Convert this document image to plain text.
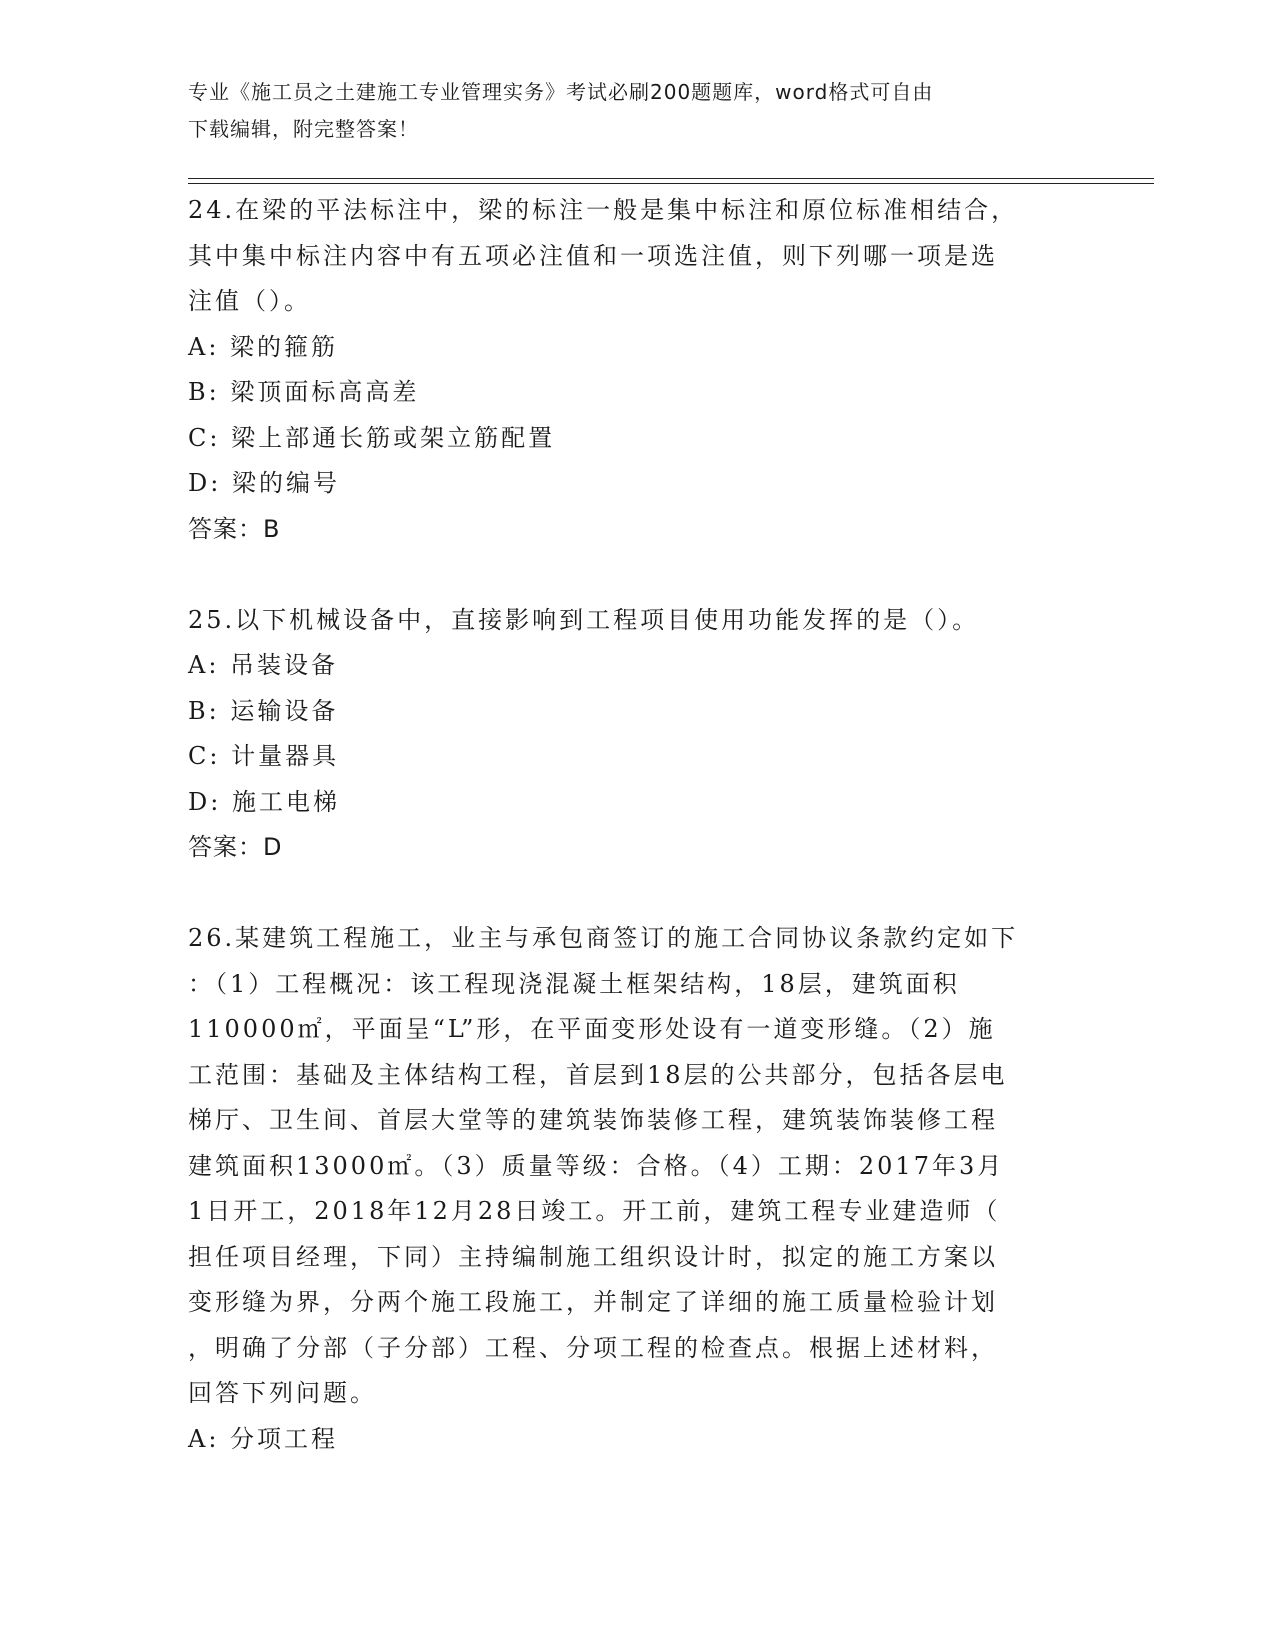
专业《施工员之土建施工专业管理实务》考试必刷200题题库，word格式可自由
下载编辑，附完整答案！

24.在梁的平法标注中，梁的标注一般是集中标注和原位标准相结合，

其中集中标注内容中有五项必注值和一项选注值，则下列哪一项是选

注值（）。

A: 梁的箍筋

B: 梁顶面标高高差

C: 梁上部通长筋或架立筋配置

D: 梁的编号

答案：B

25.以下机械设备中，直接影响到工程项目使用功能发挥的是（）。

A: 吊装设备

B: 运输设备

C: 计量器具

D: 施工电梯

答案：D

26.某建筑工程施工，业主与承包商签订的施工合同协议条款约定如下

：（1）工程概况：该工程现浇混凝土框架结构，18层，建筑面积

110000㎡，平面呈“L”形，在平面变形处设有一道变形缝。（2）施

工范围：基础及主体结构工程，首层到18层的公共部分，包括各层电

梯厅、卫生间、首层大堂等的建筑装饰装修工程，建筑装饰装修工程

建筑面积13000㎡。（3）质量等级：合格。（4）工期：2017年3月

1日开工，2018年12月28日竣工。开工前，建筑工程专业建造师（

担任项目经理，下同）主持编制施工组织设计时，拟定的施工方案以

变形缝为界，分两个施工段施工，并制定了详细的施工质量检验计划

，明确了分部（子分部）工程、分项工程的检查点。根据上述材料，

回答下列问题。

A: 分项工程
